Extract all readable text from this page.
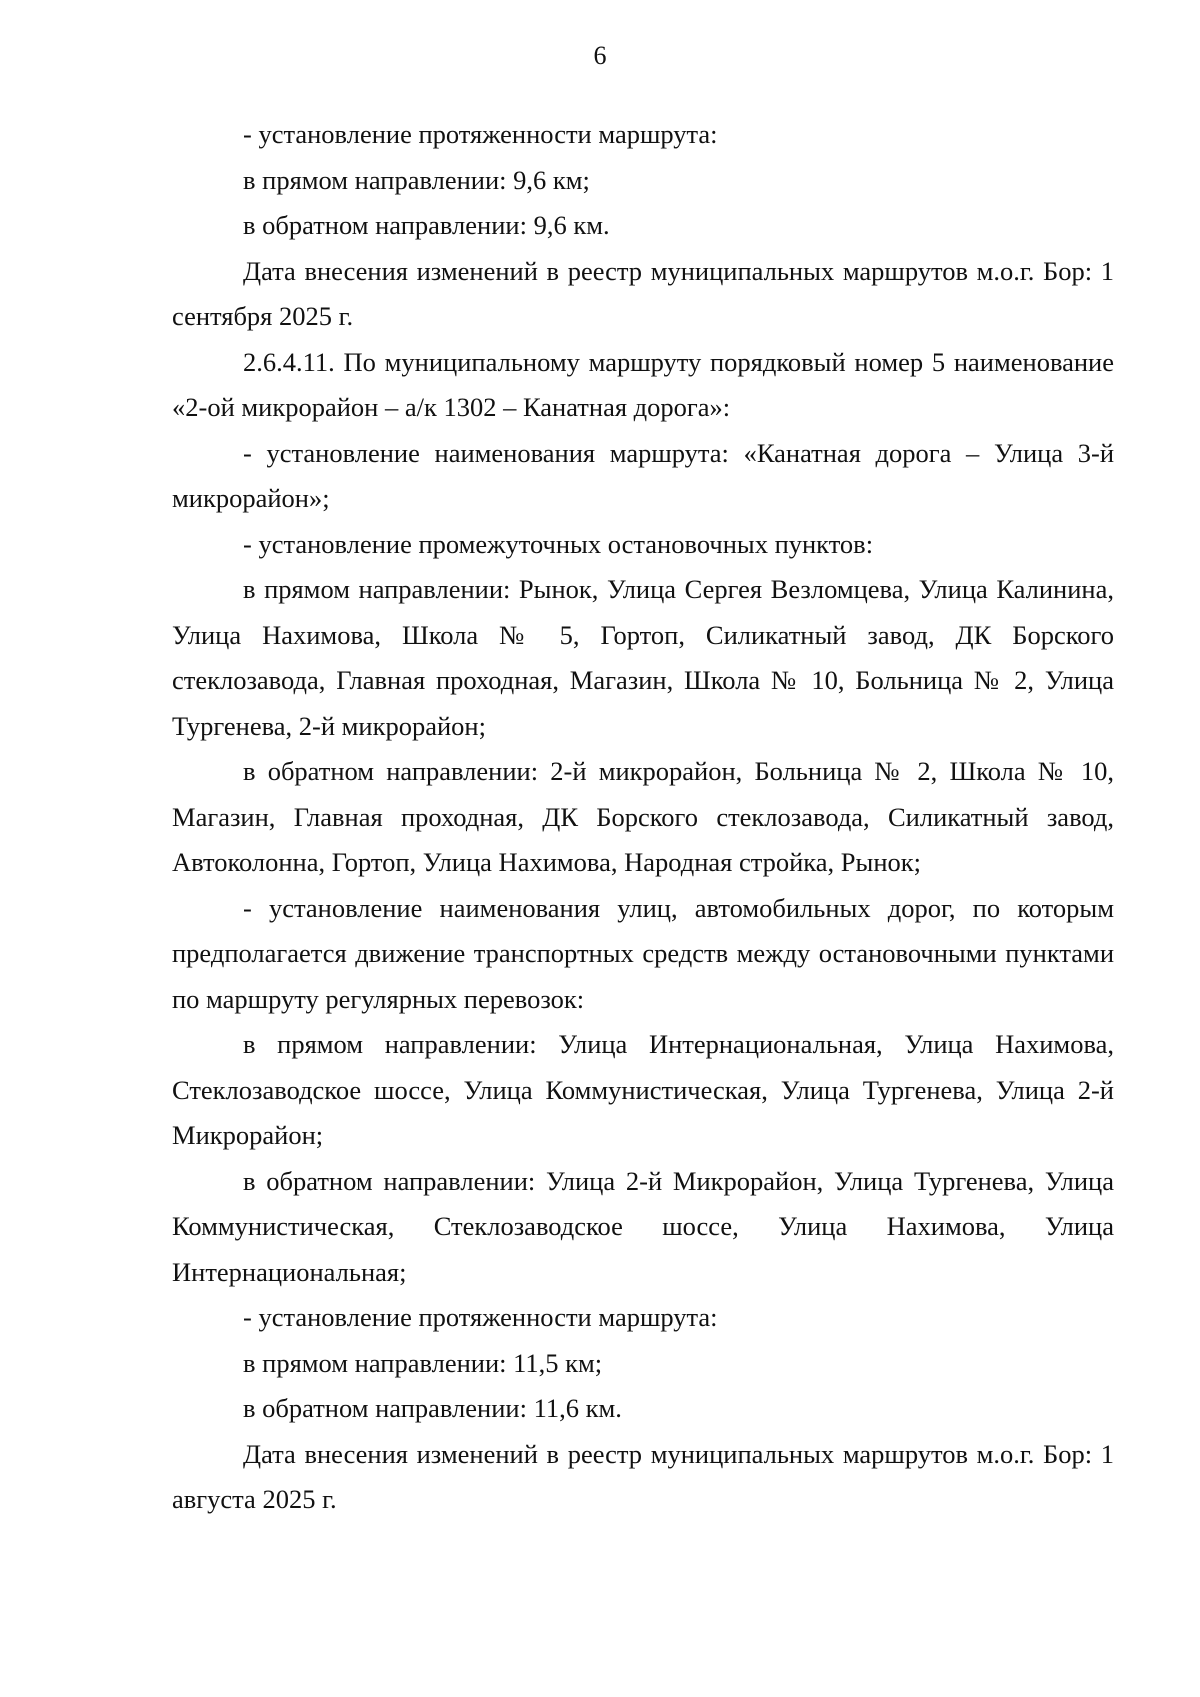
6

- установление протяженности маршрута:

в прямом направлении: 9,6 км;

в обратном направлении: 9,6 км.

Дата внесения изменений в реестр муниципальных маршрутов м.о.г. Бор: 1 сентября 2025 г.

2.6.4.11. По муниципальному маршруту порядковый номер 5 наименование «2-ой микрорайон – а/к 1302 – Канатная дорога»:

- установление наименования маршрута: «Канатная дорога – Улица 3-й микрорайон»;

- установление промежуточных остановочных пунктов:

в прямом направлении: Рынок, Улица Сергея Везломцева, Улица Калинина, Улица Нахимова, Школа № 5, Гортоп, Силикатный завод, ДК Борского стеклозавода, Главная проходная, Магазин, Школа № 10, Больница № 2, Улица Тургенева, 2-й микрорайон;

в обратном направлении: 2-й микрорайон, Больница № 2, Школа № 10, Магазин, Главная проходная, ДК Борского стеклозавода, Силикатный завод, Автоколонна, Гортоп, Улица Нахимова, Народная стройка, Рынок;

- установление наименования улиц, автомобильных дорог, по которым предполагается движение транспортных средств между остановочными пунктами по маршруту регулярных перевозок:

в прямом направлении: Улица Интернациональная, Улица Нахимова, Стеклозаводское шоссе, Улица Коммунистическая, Улица Тургенева, Улица 2-й Микрорайон;

в обратном направлении: Улица 2-й Микрорайон, Улица Тургенева, Улица Коммунистическая, Стеклозаводское шоссе, Улица Нахимова, Улица Интернациональная;

- установление протяженности маршрута:

в прямом направлении: 11,5 км;

в обратном направлении: 11,6 км.

Дата внесения изменений в реестр муниципальных маршрутов м.о.г. Бор: 1 августа 2025 г.
